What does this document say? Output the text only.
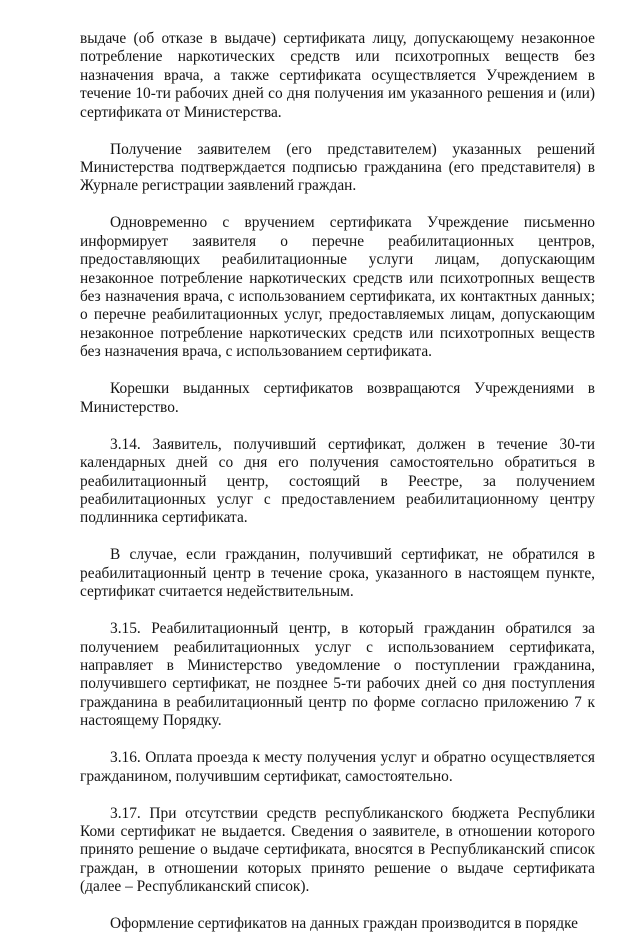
выдаче (об отказе в выдаче) сертификата лицу, допускающему незаконное потребление наркотических средств или психотропных веществ без назначения врача, а также сертификата осуществляется Учреждением в течение 10-ти рабочих дней со дня получения им указанного решения и (или) сертификата от Министерства.

Получение заявителем (его представителем) указанных решений Министерства подтверждается подписью гражданина (его представителя) в Журнале регистрации заявлений граждан.

Одновременно с вручением сертификата Учреждение письменно информирует заявителя о перечне реабилитационных центров, предоставляющих реабилитационные услуги лицам, допускающим незаконное потребление наркотических средств или психотропных веществ без назначения врача, с использованием сертификата, их контактных данных; о перечне реабилитационных услуг, предоставляемых лицам, допускающим незаконное потребление наркотических средств или психотропных веществ без назначения врача, с использованием сертификата.

Корешки выданных сертификатов возвращаются Учреждениями в Министерство.

3.14. Заявитель, получивший сертификат, должен в течение 30-ти календарных дней со дня его получения самостоятельно обратиться в реабилитационный центр, состоящий в Реестре, за получением реабилитационных услуг с предоставлением реабилитационному центру подлинника сертификата.

В случае, если гражданин, получивший сертификат, не обратился в реабилитационный центр в течение срока, указанного в настоящем пункте, сертификат считается недействительным.

3.15. Реабилитационный центр, в который гражданин обратился за получением реабилитационных услуг с использованием сертификата, направляет в Министерство уведомление о поступлении гражданина, получившего сертификат, не позднее 5-ти рабочих дней со дня поступления гражданина в реабилитационный центр по форме согласно приложению 7 к настоящему Порядку.

3.16. Оплата проезда к месту получения услуг и обратно осуществляется гражданином, получившим сертификат, самостоятельно.

3.17. При отсутствии средств республиканского бюджета Республики Коми сертификат не выдается. Сведения о заявителе, в отношении которого принято решение о выдаче сертификата, вносятся в Республиканский список граждан, в отношении которых принято решение о выдаче сертификата (далее – Республиканский список).

Оформление сертификатов на данных граждан производится в порядке
